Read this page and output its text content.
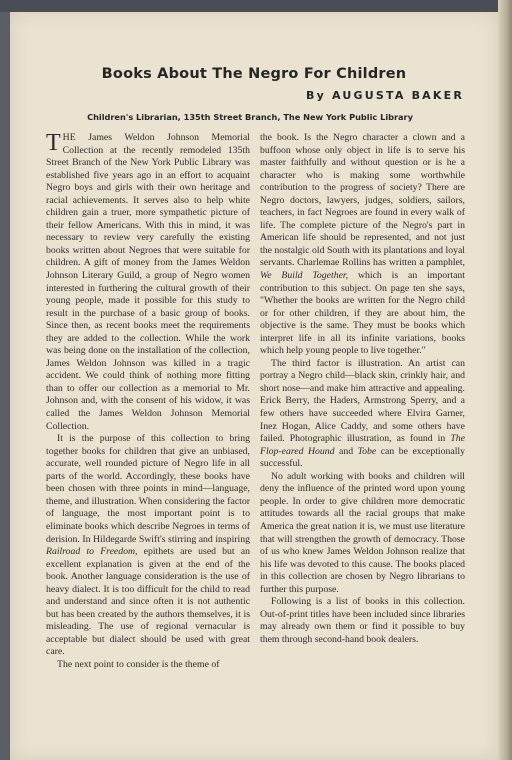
Books About The Negro For Children
By AUGUSTA BAKER
Children's Librarian, 135th Street Branch, The New York Public Library

THE James Weldon Johnson Memorial Collection at the recently remodeled 135th Street Branch of the New York Public Library was established five years ago in an effort to acquaint Negro boys and girls with their own heritage and racial achievements. It serves also to help white children gain a truer, more sympathetic picture of their fellow Americans. With this in mind, it was necessary to review very carefully the existing books written about Negroes that were suitable for children. A gift of money from the James Weldon Johnson Literary Guild, a group of Negro women interested in furthering the cultural growth of their young people, made it possible for this study to result in the purchase of a basic group of books. Since then, as recent books meet the requirements they are added to the collection. While the work was being done on the installation of the collection, James Weldon Johnson was killed in a tragic accident. We could think of nothing more fitting than to offer our collection as a memorial to Mr. Johnson and, with the consent of his widow, it was called the James Weldon Johnson Memorial Collection.

It is the purpose of this collection to bring together books for children that give an unbiased, accurate, well rounded picture of Negro life in all parts of the world. Accordingly, these books have been chosen with three points in mind—language, theme, and illustration. When considering the factor of language, the most important point is to eliminate books which describe Negroes in terms of derision. In Hildegarde Swift's stirring and inspiring Railroad to Freedom, epithets are used but an excellent explanation is given at the end of the book. Another language consideration is the use of heavy dialect. It is too difficult for the child to read and understand and since often it is not authentic but has been created by the authors themselves, it is misleading. The use of regional vernacular is acceptable but dialect should be used with great care.

The next point to consider is the theme of

the book. Is the Negro character a clown and a buffoon whose only object in life is to serve his master faithfully and without question or is he a character who is making some worthwhile contribution to the progress of society? There are Negro doctors, lawyers, judges, soldiers, sailors, teachers, in fact Negroes are found in every walk of life. The complete picture of the Negro's part in American life should be represented, and not just the nostalgic old South with its plantations and loyal servants. Charlemae Rollins has written a pamphlet, We Build Together, which is an important contribution to this subject. On page ten she says, "Whether the books are written for the Negro child or for other children, if they are about him, the objective is the same. They must be books which interpret life in all its infinite variations, books which help young people to live together."

The third factor is illustration. An artist can portray a Negro child—black skin, crinkly hair, and short nose—and make him attractive and appealing. Erick Berry, the Haders, Armstrong Sperry, and a few others have succeeded where Elvira Garner, Inez Hogan, Alice Caddy, and some others have failed. Photographic illustration, as found in The Flop-eared Hound and Tobe can be exceptionally successful.

No adult working with books and children will deny the influence of the printed word upon young people. In order to give children more democratic attitudes towards all the racial groups that make America the great nation it is, we must use literature that will strengthen the growth of democracy. Those of us who knew James Weldon Johnson realize that his life was devoted to this cause. The books placed in this collection are chosen by Negro librarians to further this purpose.

Following is a list of books in this collection. Out-of-print titles have been included since libraries may already own them or find it possible to buy them through second-hand book dealers.
